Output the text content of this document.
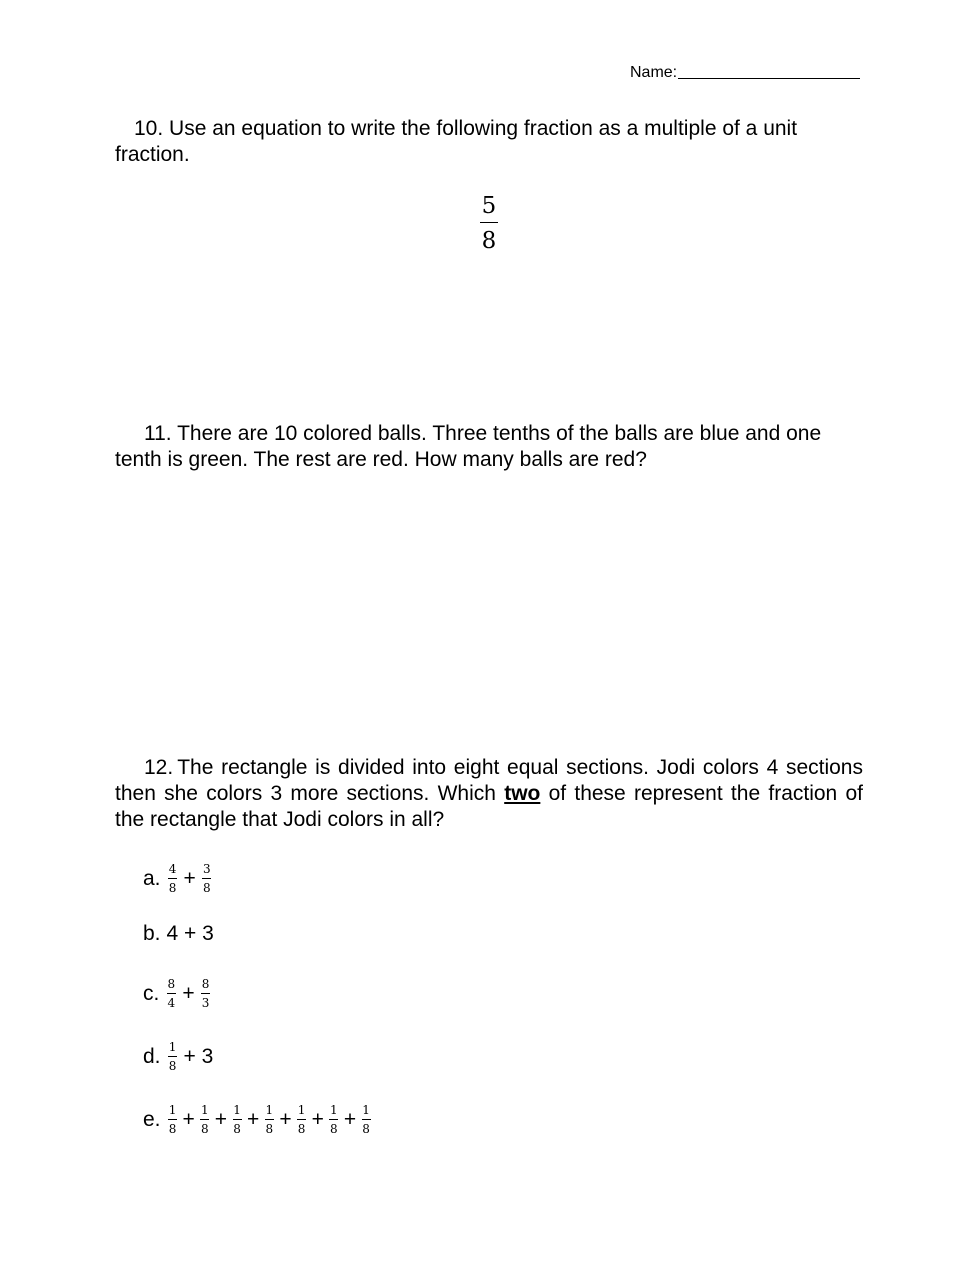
Name:
10. Use an equation to write the following fraction as a multiple of a unit fraction.
5
8
11. There are 10 colored balls. Three tenths of the balls are blue and one tenth is green. The rest are red. How many balls are red?
12. The rectangle is divided into eight equal sections. Jodi colors 4 sections then she colors 3 more sections. Which two of these represent the fraction of the rectangle that Jodi colors in all?
a. $\frac{4}{8} + \frac{3}{8}$
b. 4 + 3
c. $\frac{8}{4} + \frac{8}{3}$
d. $\frac{1}{8} + 3$
e. $\frac{1}{8} + \frac{1}{8} + \frac{1}{8} + \frac{1}{8} + \frac{1}{8} + \frac{1}{8} + \frac{1}{8}$
